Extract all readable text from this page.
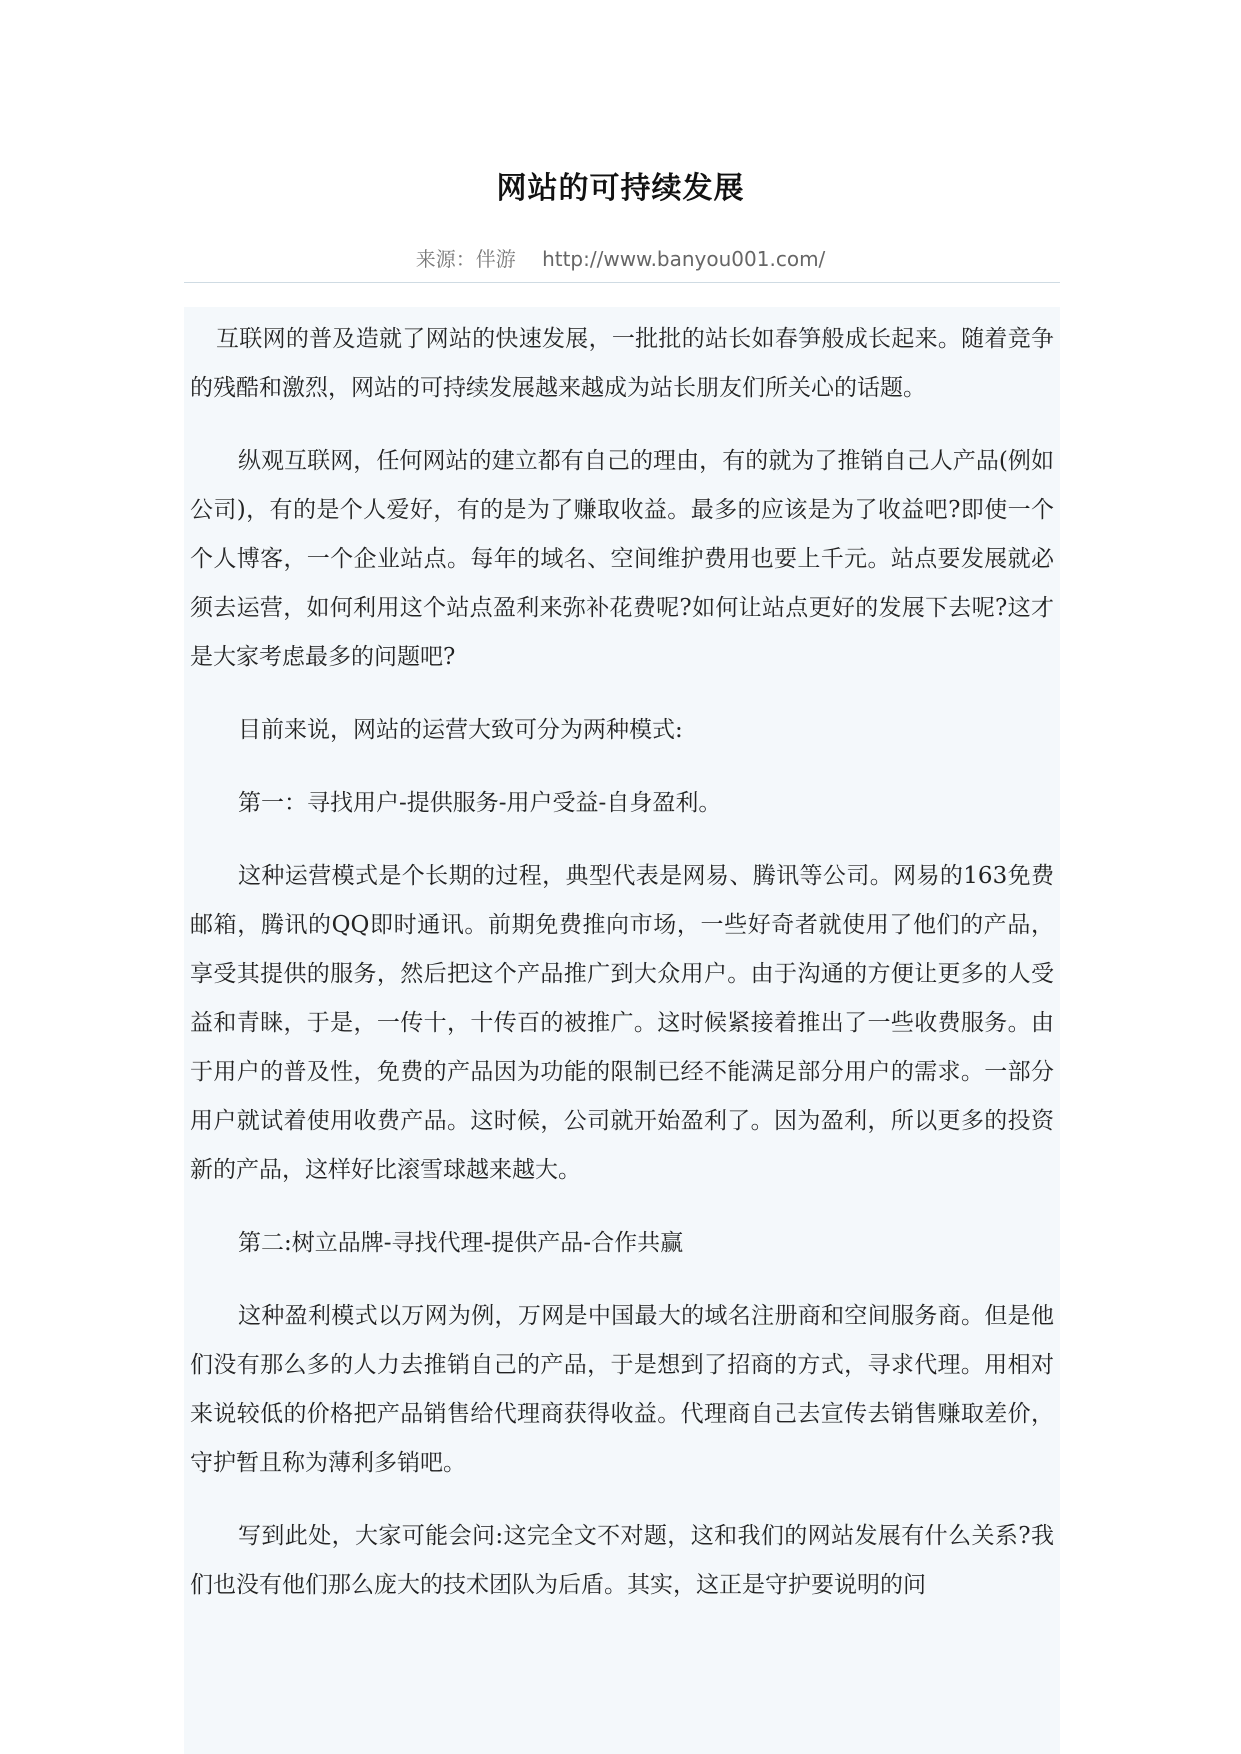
网站的可持续发展
来源：伴游 http://www.banyou001.com/

互联网的普及造就了网站的快速发展，一批批的站长如春笋般成长起来。随着竞争的残酷和激烈，网站的可持续发展越来越成为站长朋友们所关心的话题。

纵观互联网，任何网站的建立都有自己的理由，有的就为了推销自己人产品(例如公司)，有的是个人爱好，有的是为了赚取收益。最多的应该是为了收益吧?即使一个个人博客，一个企业站点。每年的域名、空间维护费用也要上千元。站点要发展就必须去运营，如何利用这个站点盈利来弥补花费呢?如何让站点更好的发展下去呢?这才是大家考虑最多的问题吧?

目前来说，网站的运营大致可分为两种模式:

第一：寻找用户-提供服务-用户受益-自身盈利。

这种运营模式是个长期的过程，典型代表是网易、腾讯等公司。网易的163免费邮箱，腾讯的QQ即时通讯。前期免费推向市场，一些好奇者就使用了他们的产品，享受其提供的服务，然后把这个产品推广到大众用户。由于沟通的方便让更多的人受益和青睐，于是，一传十，十传百的被推广。这时候紧接着推出了一些收费服务。由于用户的普及性，免费的产品因为功能的限制已经不能满足部分用户的需求。一部分用户就试着使用收费产品。这时候，公司就开始盈利了。因为盈利，所以更多的投资新的产品，这样好比滚雪球越来越大。

第二:树立品牌-寻找代理-提供产品-合作共赢

这种盈利模式以万网为例，万网是中国最大的域名注册商和空间服务商。但是他们没有那么多的人力去推销自己的产品，于是想到了招商的方式，寻求代理。用相对来说较低的价格把产品销售给代理商获得收益。代理商自己去宣传去销售赚取差价，守护暂且称为薄利多销吧。

写到此处，大家可能会问:这完全文不对题，这和我们的网站发展有什么关系?我们也没有他们那么庞大的技术团队为后盾。其实，这正是守护要说明的问
